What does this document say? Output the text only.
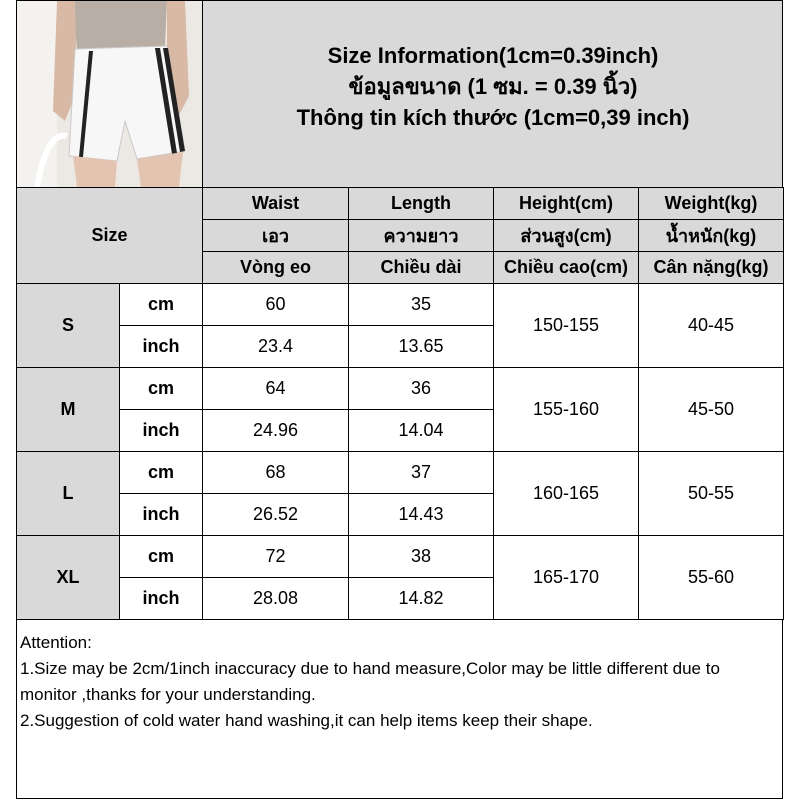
Size Information(1cm=0.39inch)
ข้อมูลขนาด (1 ซม. = 0.39 นิ้ว)
Thông tin kích thước (1cm=0,39 inch)
Size		Waist	Length	Height(cm)	Weight(kg)
		เอว	ความยาว	ส่วนสูง(cm)	น้ำหนัก(kg)
		Vòng eo	Chiều dài	Chiều cao(cm)	Cân nặng(kg)
S	cm	60	35	150-155	40-45
	inch	23.4	13.65		
M	cm	64	36	155-160	45-50
	inch	24.96	14.04		
L	cm	68	37	160-165	50-55
	inch	26.52	14.43		
XL	cm	72	38	165-170	55-60
	inch	28.08	14.82		
Attention:
1.Size may be 2cm/1inch inaccuracy due to hand measure,Color may be little different due to monitor ,thanks for your understanding.
2.Suggestion of cold water hand washing,it can help items keep their shape.
